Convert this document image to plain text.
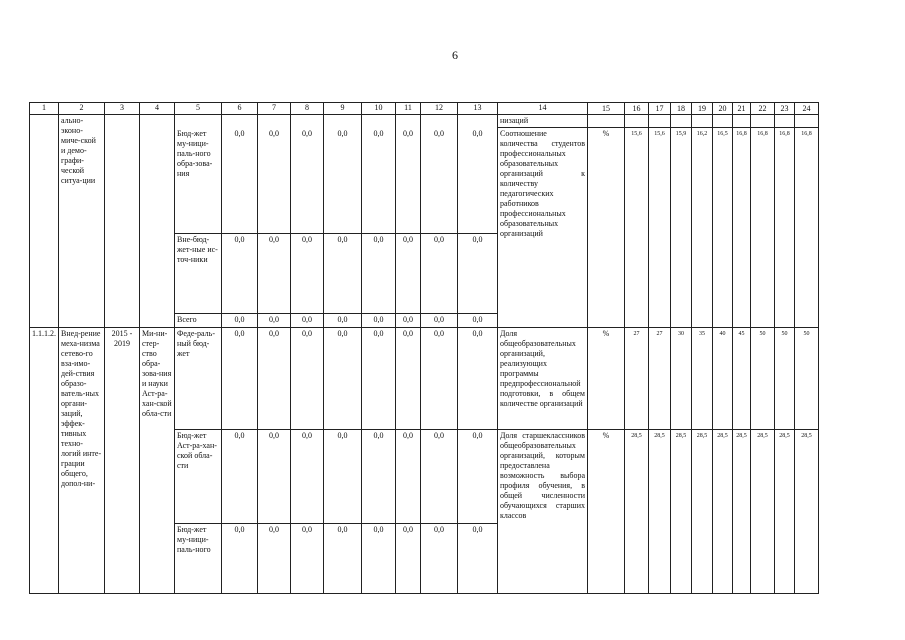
6
1	2	3	4	5	6	7	8	9	10	11	12	13	14	15	16	17	18	19	20	21	22	23	24
	ально-эконо-миче-ской и демо-графи-ческой ситуа-ции												низаций										
				Бюд-жет му-ници-паль-ного обра-зова-ния	0,0	0,0	0,0	0,0	0,0	0,0	0,0	0,0	Соотношение количества студентов профессиональных образовательных организаций к количеству педагогических работников профессиональных образовательных организаций	%	15,6	15,6	15,9	16,2	16,5	16,8	16,8	16,8	16,8
				Вне-бюд-жет-ные ис-точ-ники	0,0	0,0	0,0	0,0	0,0	0,0	0,0	0,0											
				Всего	0,0	0,0	0,0	0,0	0,0	0,0	0,0	0,0											
1.1.1.2.	Внед-рение меха-низма сетево-го вза-имо-дей-ствия образо-ватель-ных органи-заций, эффек-тивных техно-логий инте-грации общего, допол-ни-	2015 - 2019	Ми-ни-стер-ство обра-зова-ния и науки Аст-ра-хан-ской обла-сти	Феде-раль-ный бюд-жет	0,0	0,0	0,0	0,0	0,0	0,0	0,0	0,0	Доля общеобразовательных организаций, реализующих программы предпрофессиональной подготовки, в общем количестве организаций	%	27	27	30	35	40	45	50	50	50
				Бюд-жет Аст-ра-хан-ской обла-сти	0,0	0,0	0,0	0,0	0,0	0,0	0,0	0,0	Доля старшеклассников общеобразовательных организаций, которым предоставлена возможность выбора профиля обучения, в общей численности обучающихся старших классов	%	28,5	28,5	28,5	28,5	28,5	28,5	28,5	28,5	28,5
				Бюд-жет му-ници-паль-ного	0,0	0,0	0,0	0,0	0,0	0,0	0,0	0,0											
